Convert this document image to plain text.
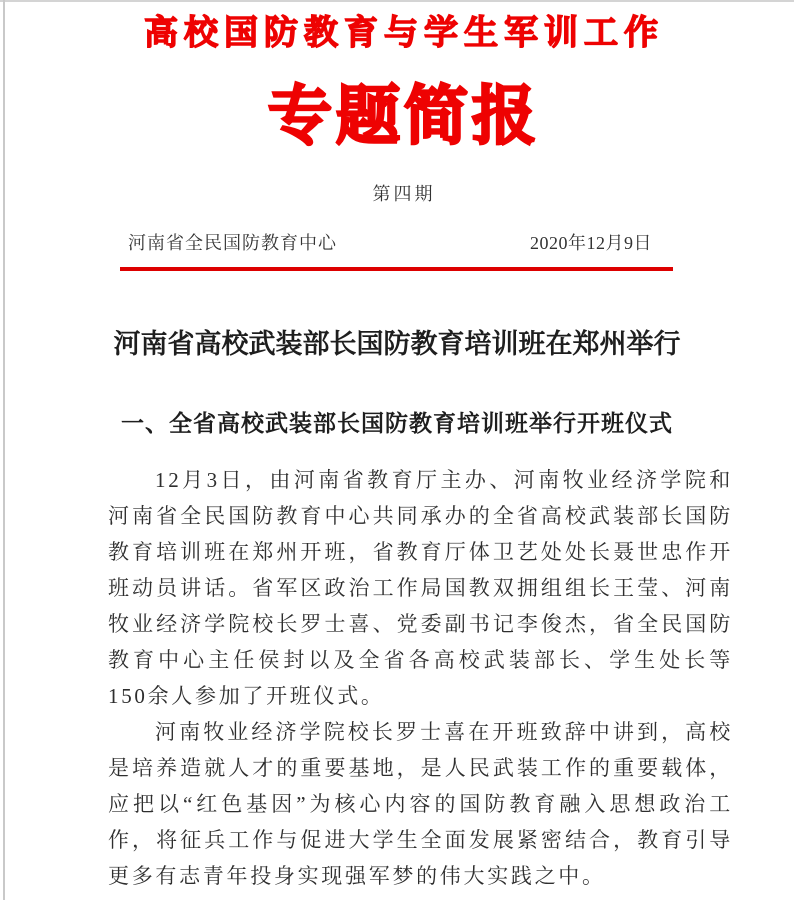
高校国防教育与学生军训工作
专题简报
第四期
河南省全民国防教育中心	2020年12月9日
河南省高校武装部长国防教育培训班在郑州举行
一、全省高校武装部长国防教育培训班举行开班仪式

12月3日，由河南省教育厅主办、河南牧业经济学院和河南省全民国防教育中心共同承办的全省高校武装部长国防教育培训班在郑州开班，省教育厅体卫艺处处长聂世忠作开班动员讲话。省军区政治工作局国教双拥组组长王莹、河南牧业经济学院校长罗士喜、党委副书记李俊杰，省全民国防教育中心主任侯封以及全省各高校武装部长、学生处长等150余人参加了开班仪式。

河南牧业经济学院校长罗士喜在开班致辞中讲到，高校是培养造就人才的重要基地，是人民武装工作的重要载体，应把以“红色基因”为核心内容的国防教育融入思想政治工作，将征兵工作与促进大学生全面发展紧密结合，教育引导更多有志青年投身实现强军梦的伟大实践之中。
